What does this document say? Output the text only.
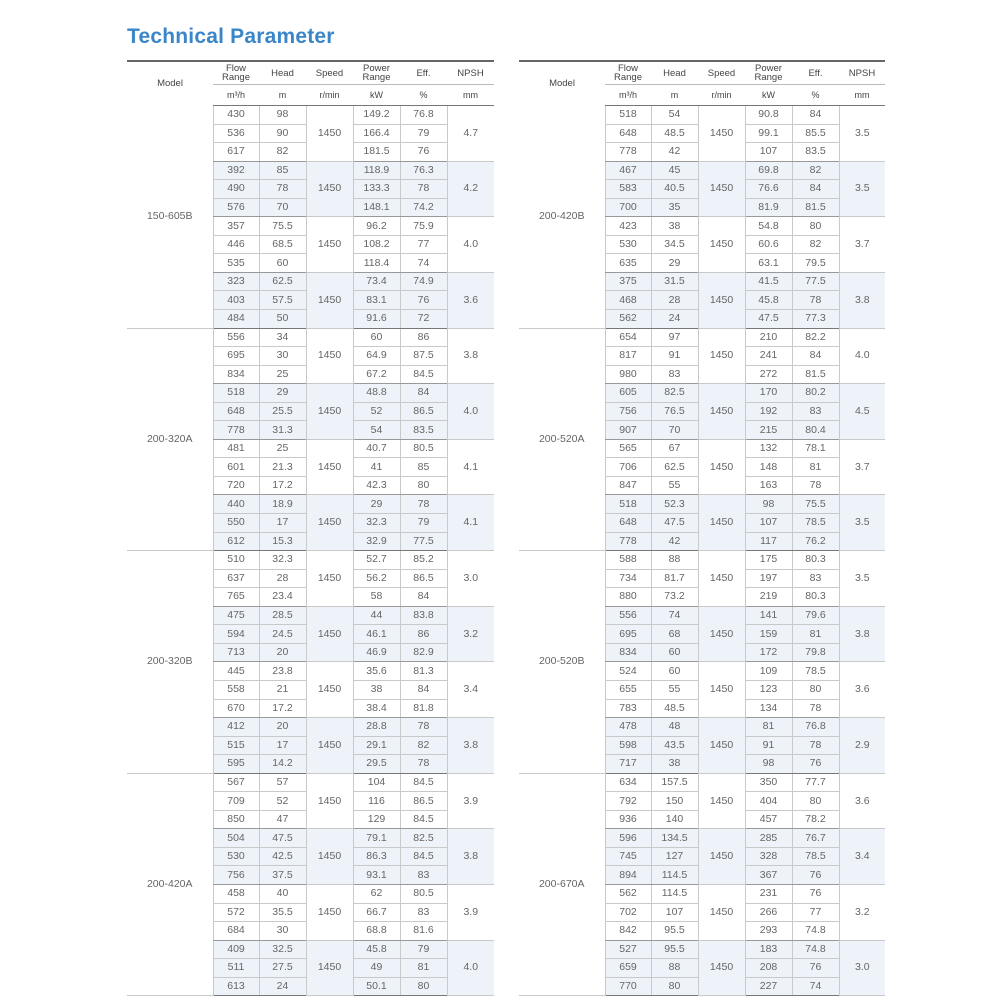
Technical Parameter
Model	Flow Range	Head	Speed	Power Range	Eff.	NPSH
	m³/h	m	r/min	kW	%	mm
150-605B	430	98	1450	149.2	76.8	4.7
	536	90		166.4	79	
	617	82		181.5	76	
	392	85	1450	118.9	76.3	4.2
	490	78		133.3	78	
	576	70		148.1	74.2	
	357	75.5	1450	96.2	75.9	4.0
	446	68.5		108.2	77	
	535	60		118.4	74	
	323	62.5	1450	73.4	74.9	3.6
	403	57.5		83.1	76	
	484	50		91.6	72	
200-320A	556	34	1450	60	86	3.8
	695	30		64.9	87.5	
	834	25		67.2	84.5	
	518	29	1450	48.8	84	4.0
	648	25.5		52	86.5	
	778	31.3		54	83.5	
	481	25	1450	40.7	80.5	4.1
	601	21.3		41	85	
	720	17.2		42.3	80	
	440	18.9	1450	29	78	4.1
	550	17		32.3	79	
	612	15.3		32.9	77.5	
200-320B	510	32.3	1450	52.7	85.2	3.0
	637	28		56.2	86.5	
	765	23.4		58	84	
	475	28.5	1450	44	83.8	3.2
	594	24.5		46.1	86	
	713	20		46.9	82.9	
	445	23.8	1450	35.6	81.3	3.4
	558	21		38	84	
	670	17.2		38.4	81.8	
	412	20	1450	28.8	78	3.8
	515	17		29.1	82	
	595	14.2		29.5	78	
200-420A	567	57	1450	104	84.5	3.9
	709	52		116	86.5	
	850	47		129	84.5	
	504	47.5	1450	79.1	82.5	3.8
	530	42.5		86.3	84.5	
	756	37.5		93.1	83	
	458	40	1450	62	80.5	3.9
	572	35.5		66.7	83	
	684	30		68.8	81.6	
	409	32.5	1450	45.8	79	4.0
	511	27.5		49	81	
	613	24		50.1	80	
Model	Flow Range	Head	Speed	Power Range	Eff.	NPSH
	m³/h	m	r/min	kW	%	mm
200-420B	518	54	1450	90.8	84	3.5
	648	48.5		99.1	85.5	
	778	42		107	83.5	
	467	45	1450	69.8	82	3.5
	583	40.5		76.6	84	
	700	35		81.9	81.5	
	423	38	1450	54.8	80	3.7
	530	34.5		60.6	82	
	635	29		63.1	79.5	
	375	31.5	1450	41.5	77.5	3.8
	468	28		45.8	78	
	562	24		47.5	77.3	
200-520A	654	97	1450	210	82.2	4.0
	817	91		241	84	
	980	83		272	81.5	
	605	82.5	1450	170	80.2	4.5
	756	76.5		192	83	
	907	70		215	80.4	
	565	67	1450	132	78.1	3.7
	706	62.5		148	81	
	847	55		163	78	
	518	52.3	1450	98	75.5	3.5
	648	47.5		107	78.5	
	778	42		117	76.2	
200-520B	588	88	1450	175	80.3	3.5
	734	81.7		197	83	
	880	73.2		219	80.3	
	556	74	1450	141	79.6	3.8
	695	68		159	81	
	834	60		172	79.8	
	524	60	1450	109	78.5	3.6
	655	55		123	80	
	783	48.5		134	78	
	478	48	1450	81	76.8	2.9
	598	43.5		91	78	
	717	38		98	76	
200-670A	634	157.5	1450	350	77.7	3.6
	792	150		404	80	
	936	140		457	78.2	
	596	134.5	1450	285	76.7	3.4
	745	127		328	78.5	
	894	114.5		367	76	
	562	114.5	1450	231	76	3.2
	702	107		266	77	
	842	95.5		293	74.8	
	527	95.5	1450	183	74.8	3.0
	659	88		208	76	
	770	80		227	74	
